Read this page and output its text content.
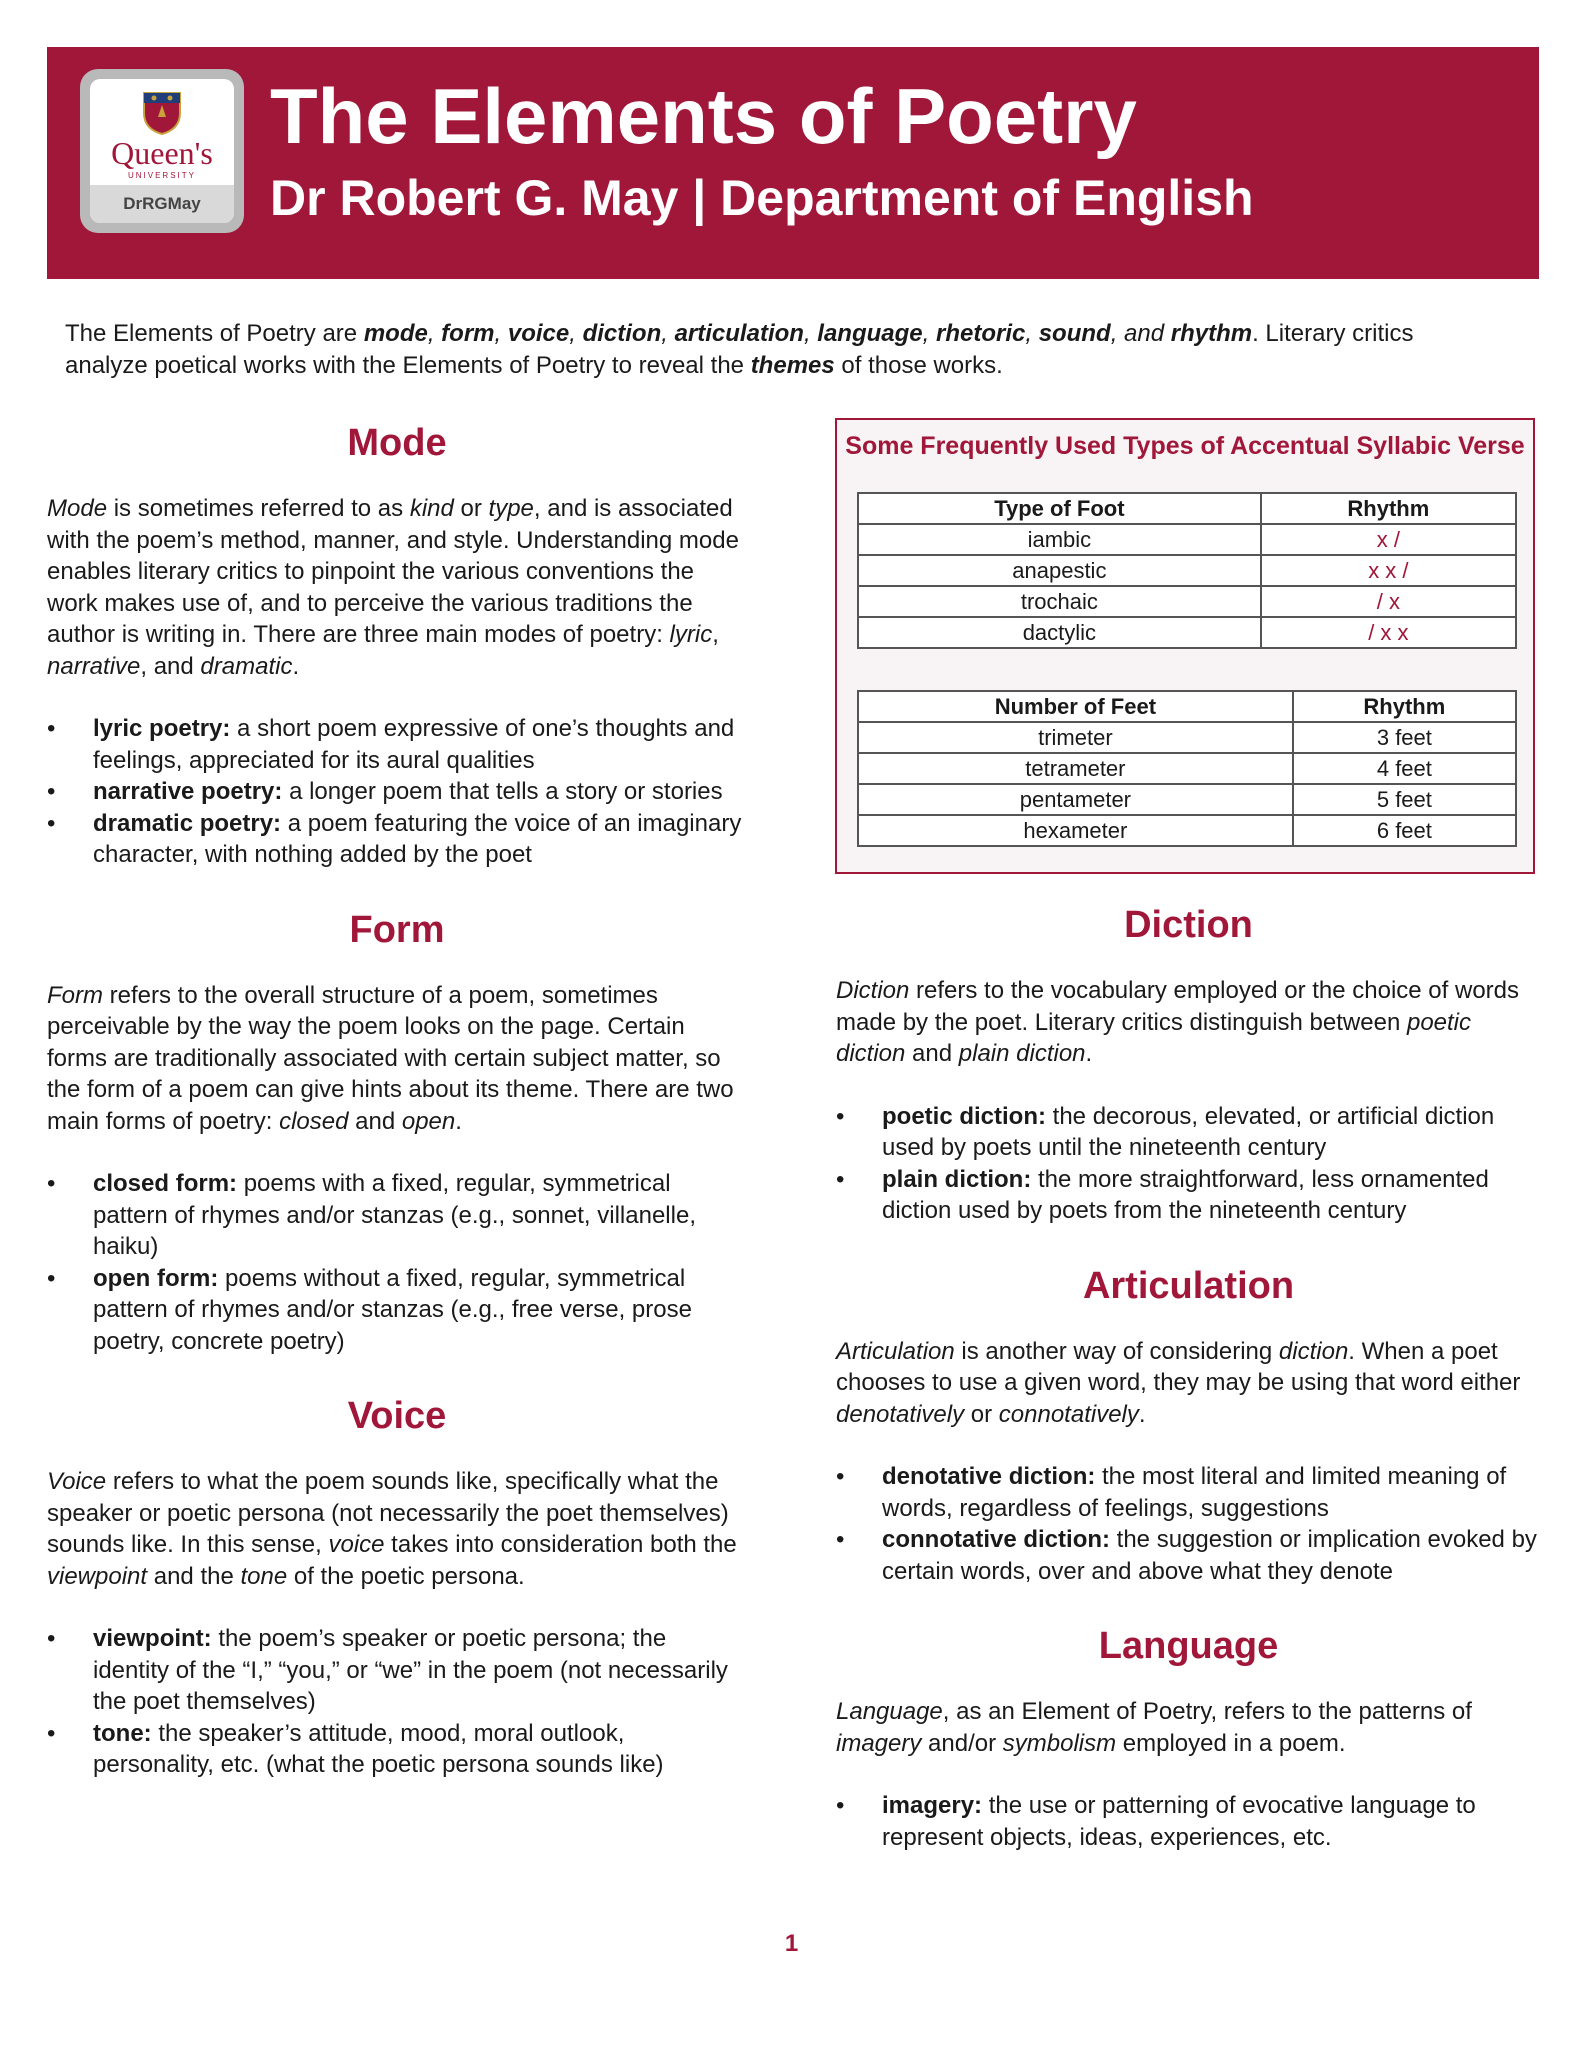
Queen's
UNIVERSITY
DrRGMay
The Elements of Poetry
Dr Robert G. May | Department of English
The Elements of Poetry are mode, form, voice, diction, articulation, language, rhetoric, sound, and rhythm. Literary critics analyze poetical works with the Elements of Poetry to reveal the themes of those works.
Mode

Mode is sometimes referred to as kind or type, and is associated with the poem’s method, manner, and style. Understanding mode enables literary critics to pinpoint the various conventions the work makes use of, and to perceive the various traditions the author is writing in. There are three main modes of poetry: lyric, narrative, and dramatic.

• lyric poetry: a short poem expressive of one’s thoughts and feelings, appreciated for its aural qualities
• narrative poetry: a longer poem that tells a story or stories
• dramatic poetry: a poem featuring the voice of an imaginary character, with nothing added by the poet
Form

Form refers to the overall structure of a poem, sometimes perceivable by the way the poem looks on the page. Certain forms are traditionally associated with certain subject matter, so the form of a poem can give hints about its theme. There are two main forms of poetry: closed and open.

• closed form: poems with a fixed, regular, symmetrical pattern of rhymes and/or stanzas (e.g., sonnet, villanelle, haiku)
• open form: poems without a fixed, regular, symmetrical pattern of rhymes and/or stanzas (e.g., free verse, prose poetry, concrete poetry)
Voice

Voice refers to what the poem sounds like, specifically what the speaker or poetic persona (not necessarily the poet themselves) sounds like. In this sense, voice takes into consideration both the viewpoint and the tone of the poetic persona.

• viewpoint: the poem’s speaker or poetic persona; the identity of the “I,” “you,” or “we” in the poem (not necessarily the poet themselves)
• tone: the speaker’s attitude, mood, moral outlook, personality, etc. (what the poetic persona sounds like)
Some Frequently Used Types of Accentual Syllabic Verse
Type of Foot	Rhythm
iambic	x /
anapestic	x x /
trochaic	/ x
dactylic	/ x x
Number of Feet	Rhythm
trimeter	3 feet
tetrameter	4 feet
pentameter	5 feet
hexameter	6 feet
Diction

Diction refers to the vocabulary employed or the choice of words made by the poet. Literary critics distinguish between poetic diction and plain diction.

• poetic diction: the decorous, elevated, or artificial diction used by poets until the nineteenth century
• plain diction: the more straightforward, less ornamented diction used by poets from the nineteenth century
Articulation

Articulation is another way of considering diction. When a poet chooses to use a given word, they may be using that word either denotatively or connotatively.

• denotative diction: the most literal and limited meaning of words, regardless of feelings, suggestions
• connotative diction: the suggestion or implication evoked by certain words, over and above what they denote
Language

Language, as an Element of Poetry, refers to the patterns of imagery and/or symbolism employed in a poem.

• imagery: the use or patterning of evocative language to represent objects, ideas, experiences, etc.
1
